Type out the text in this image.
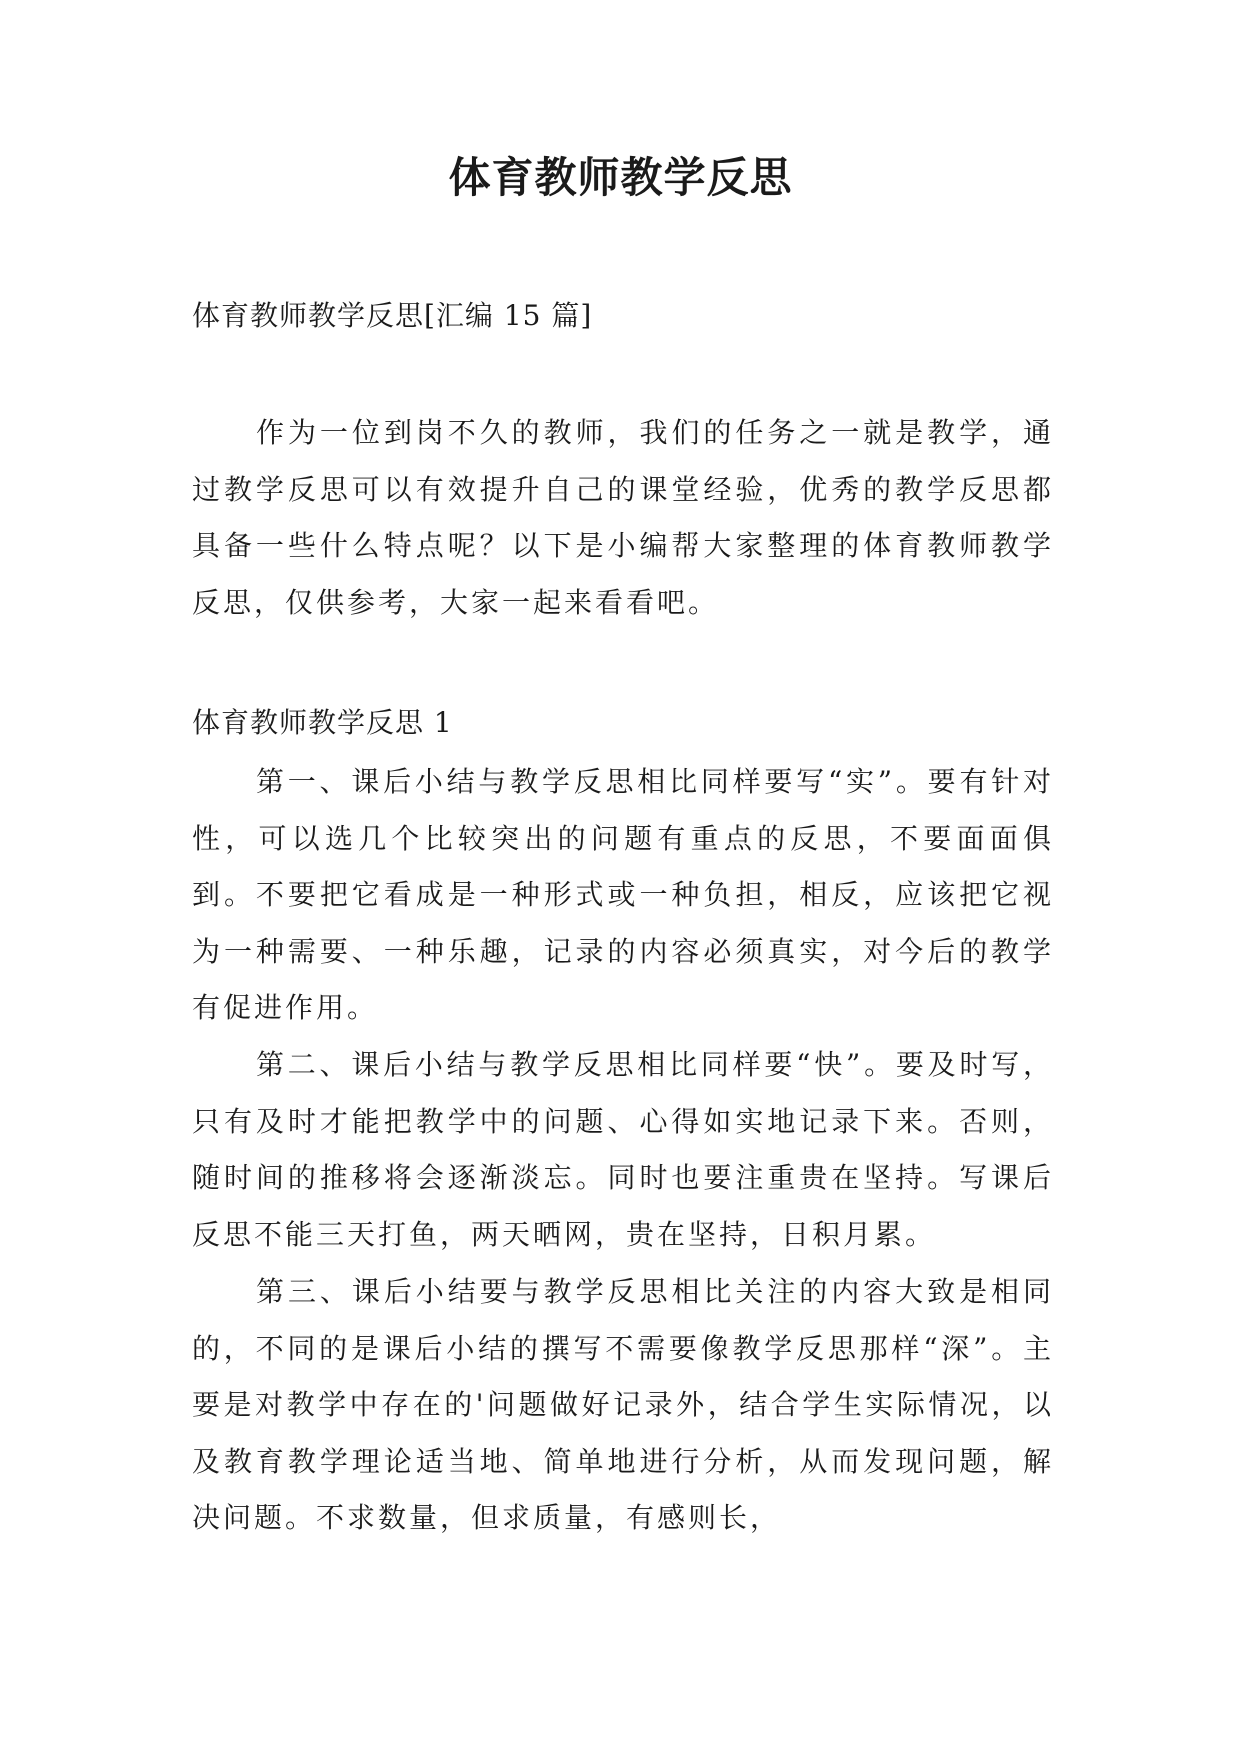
体育教师教学反思

体育教师教学反思[汇编 15 篇]

作为一位到岗不久的教师，我们的任务之一就是教学，通过教学反思可以有效提升自己的课堂经验，优秀的教学反思都具备一些什么特点呢？以下是小编帮大家整理的体育教师教学反思，仅供参考，大家一起来看看吧。

体育教师教学反思 1

第一、课后小结与教学反思相比同样要写“实”。要有针对性，可以选几个比较突出的问题有重点的反思，不要面面俱到。不要把它看成是一种形式或一种负担，相反，应该把它视为一种需要、一种乐趣，记录的内容必须真实，对今后的教学有促进作用。

第二、课后小结与教学反思相比同样要“快”。要及时写，只有及时才能把教学中的问题、心得如实地记录下来。否则，随时间的推移将会逐渐淡忘。同时也要注重贵在坚持。写课后反思不能三天打鱼，两天晒网，贵在坚持，日积月累。

第三、课后小结要与教学反思相比关注的内容大致是相同的，不同的是课后小结的撰写不需要像教学反思那样“深”。主要是对教学中存在的'问题做好记录外，结合学生实际情况，以及教育教学理论适当地、简单地进行分析，从而发现问题，解决问题。不求数量，但求质量，有感则长，
